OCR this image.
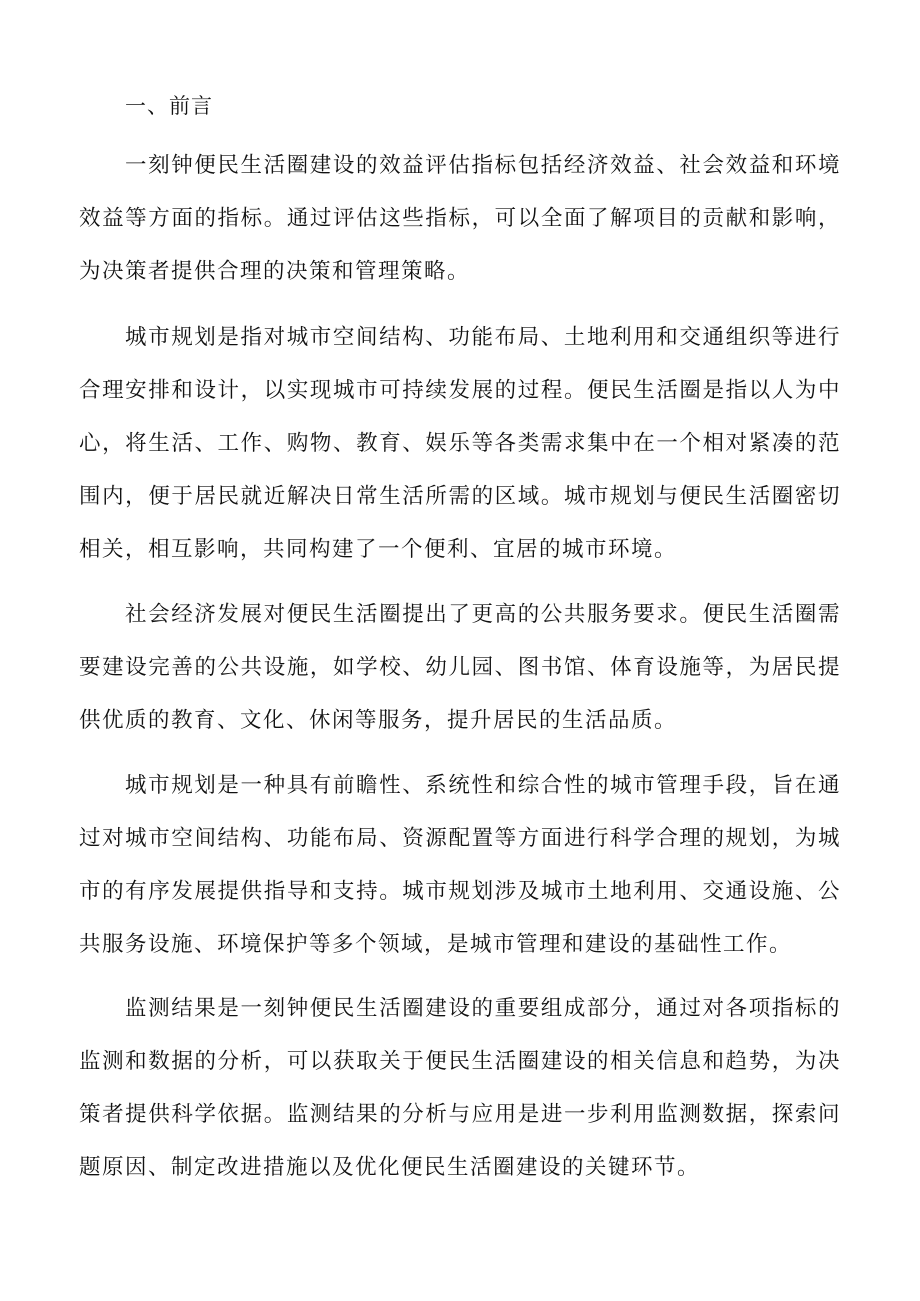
一、前言

一刻钟便民生活圈建设的效益评估指标包括经济效益、社会效益和环境效益等方面的指标。通过评估这些指标，可以全面了解项目的贡献和影响，为决策者提供合理的决策和管理策略。

城市规划是指对城市空间结构、功能布局、土地利用和交通组织等进行合理安排和设计，以实现城市可持续发展的过程。便民生活圈是指以人为中心，将生活、工作、购物、教育、娱乐等各类需求集中在一个相对紧凑的范围内，便于居民就近解决日常生活所需的区域。城市规划与便民生活圈密切相关，相互影响，共同构建了一个便利、宜居的城市环境。

社会经济发展对便民生活圈提出了更高的公共服务要求。便民生活圈需要建设完善的公共设施，如学校、幼儿园、图书馆、体育设施等，为居民提供优质的教育、文化、休闲等服务，提升居民的生活品质。

城市规划是一种具有前瞻性、系统性和综合性的城市管理手段，旨在通过对城市空间结构、功能布局、资源配置等方面进行科学合理的规划，为城市的有序发展提供指导和支持。城市规划涉及城市土地利用、交通设施、公共服务设施、环境保护等多个领域，是城市管理和建设的基础性工作。

监测结果是一刻钟便民生活圈建设的重要组成部分，通过对各项指标的监测和数据的分析，可以获取关于便民生活圈建设的相关信息和趋势，为决策者提供科学依据。监测结果的分析与应用是进一步利用监测数据，探索问题原因、制定改进措施以及优化便民生活圈建设的关键环节。
